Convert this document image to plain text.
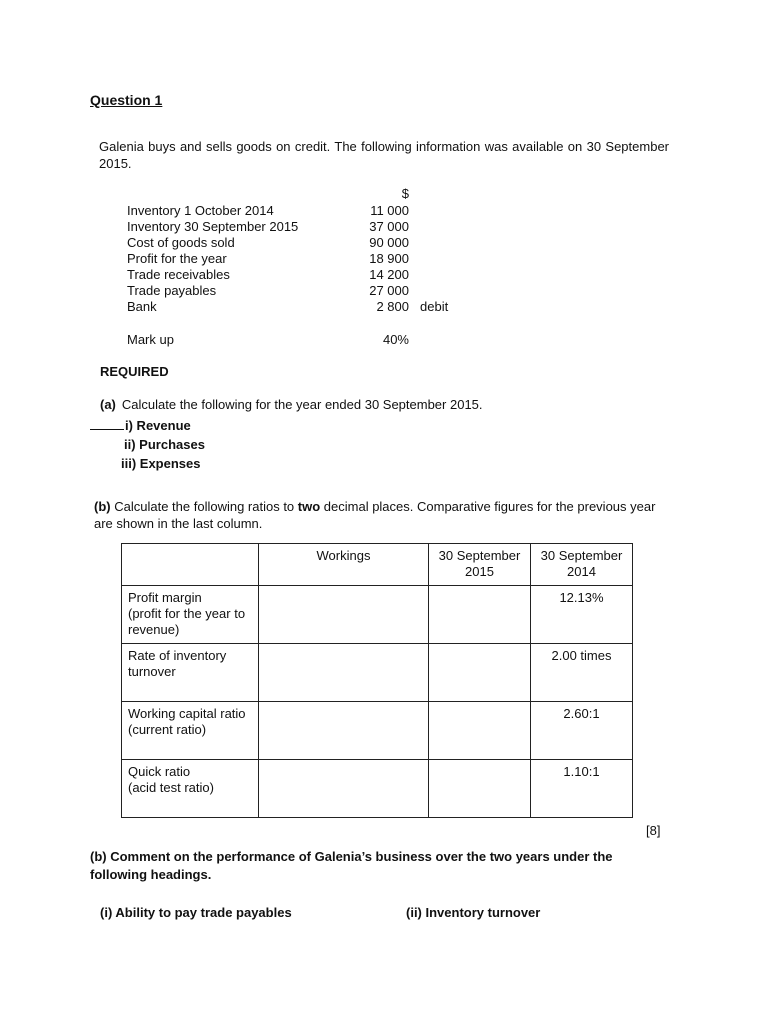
Question 1
Galenia buys and sells goods on credit. The following information was available on 30 September 2015.
$
Inventory 1 October 2014	11 000
Inventory 30 September 2015	37 000
Cost of goods sold	90 000
Profit for the year	18 900
Trade receivables	14 200
Trade payables	27 000
Bank	2 800 debit
Mark up	40%
REQUIRED
(a) Calculate the following for the year ended 30 September 2015.
i) Revenue
ii) Purchases
iii) Expenses
(b) Calculate the following ratios to two decimal places. Comparative figures for the previous year are shown in the last column.
	Workings	30 September 2015	30 September 2014
Profit margin
(profit for the year to revenue)			12.13%
Rate of inventory turnover			2.00 times
Working capital ratio
(current ratio)			2.60:1
Quick ratio
(acid test ratio)			1.10:1
[8]
(b) Comment on the performance of Galenia’s business over the two years under the following headings.
(i) Ability to pay trade payables	(ii) Inventory turnover
